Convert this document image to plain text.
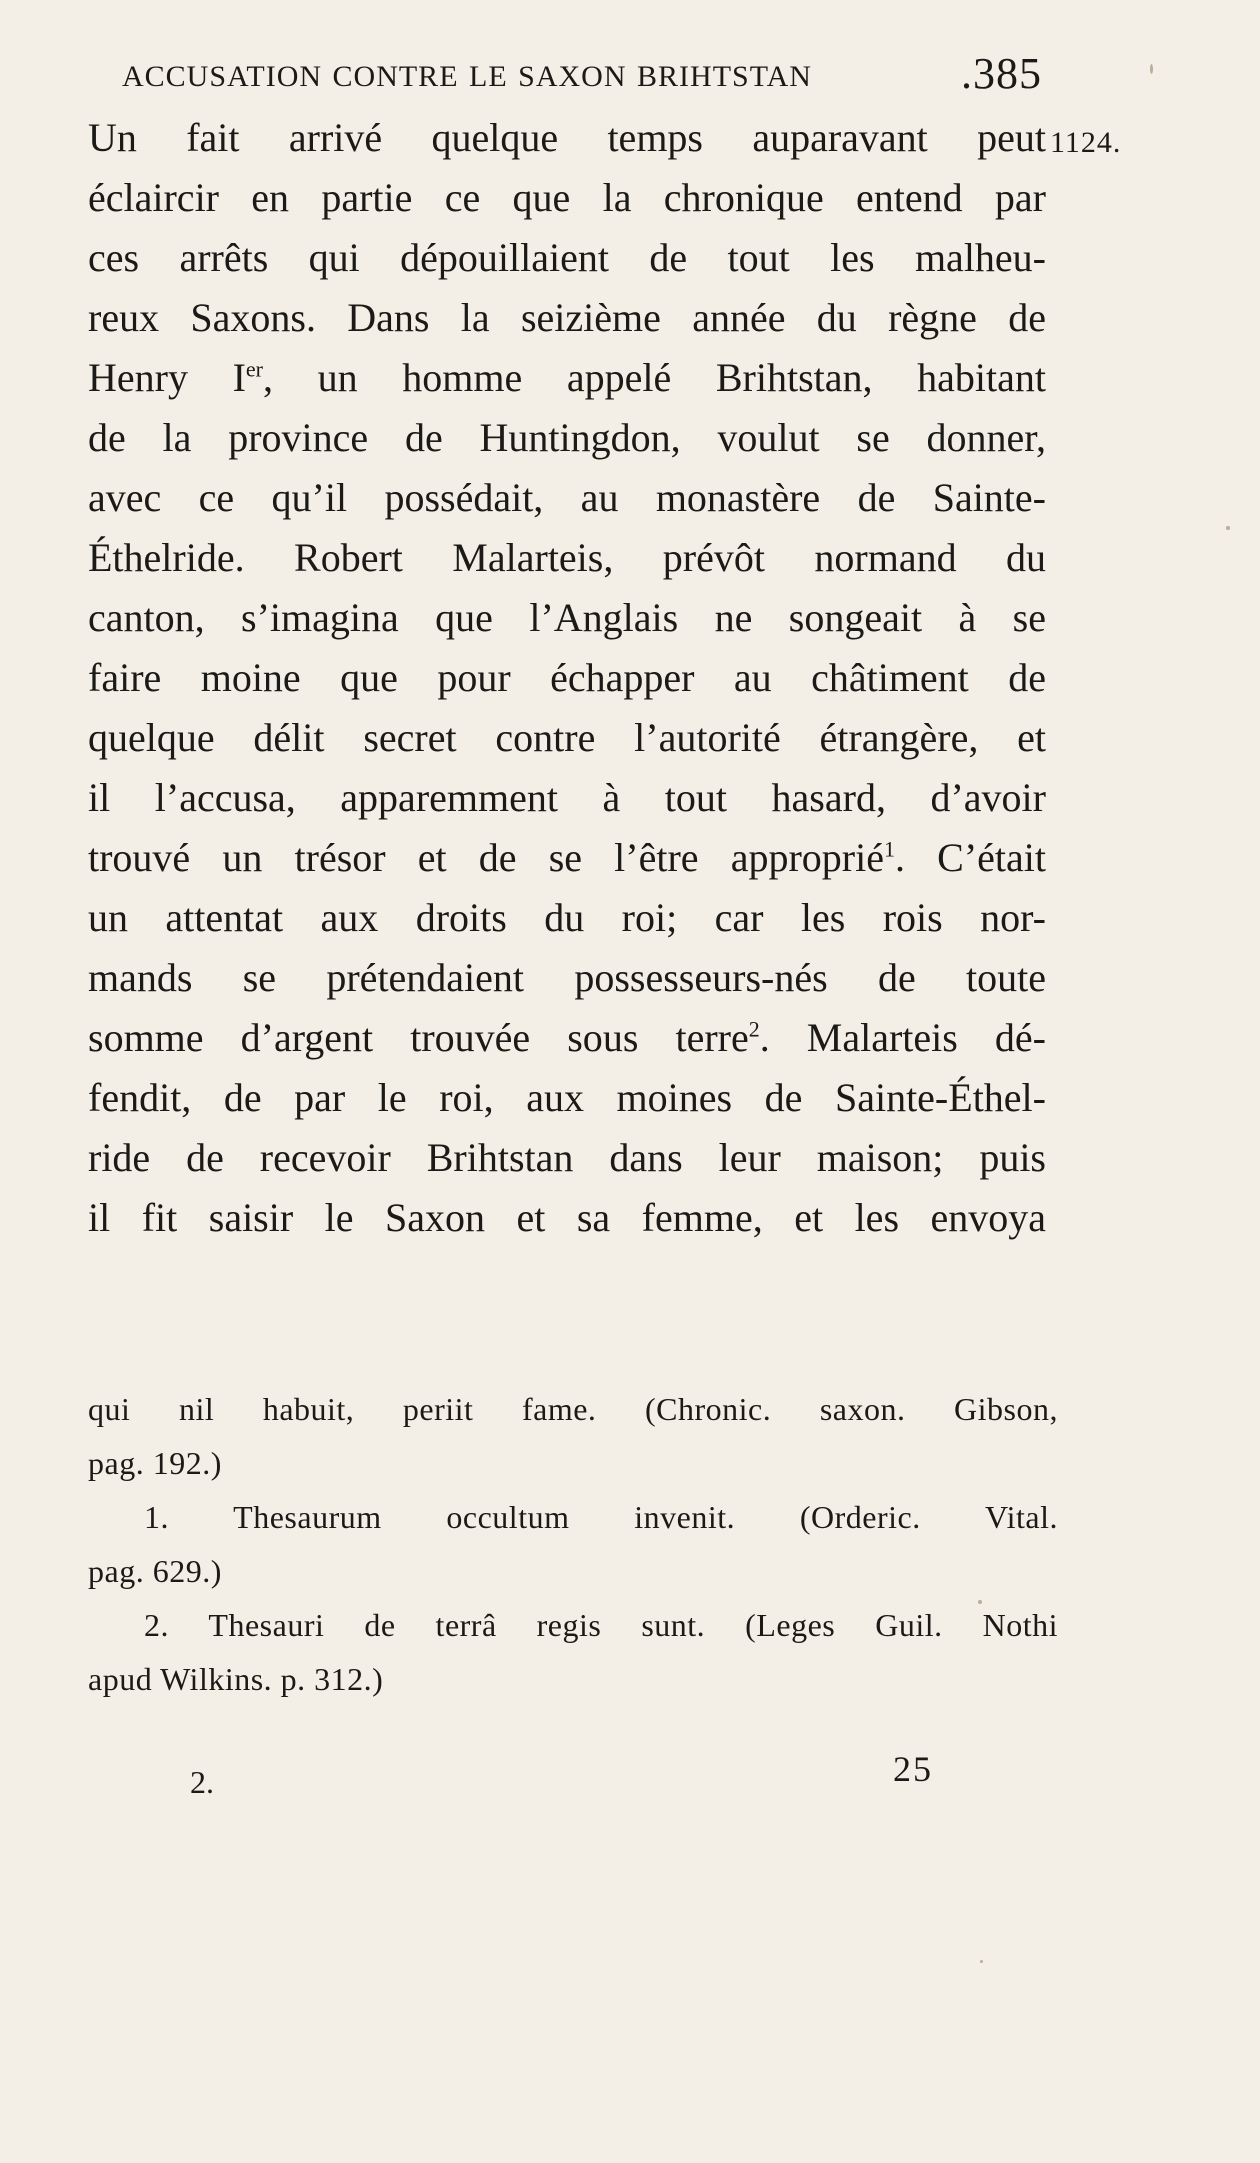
ACCUSATION CONTRE LE SAXON BRIHTSTAN	.385
1124.
Un fait arrivé quelque temps auparavant peut
éclaircir en partie ce que la chronique entend par
ces arrêts qui dépouillaient de tout les malheu-
reux Saxons. Dans la seizième année du règne de
Henry Ier, un homme appelé Brihtstan, habitant
de la province de Huntingdon, voulut se donner,
avec ce qu’il possédait, au monastère de Sainte-
Éthelride. Robert Malarteis, prévôt normand du
canton, s’imagina que l’Anglais ne songeait à se
faire moine que pour échapper au châtiment de
quelque délit secret contre l’autorité étrangère, et
il l’accusa, apparemment à tout hasard, d’avoir
trouvé un trésor et de se l’être approprié$^1$. C’était
un attentat aux droits du roi; car les rois nor-
mands se prétendaient possesseurs-nés de toute
somme d’argent trouvée sous terre$^2$. Malarteis dé-
fendit, de par le roi, aux moines de Sainte-Éthel-
ride de recevoir Brihtstan dans leur maison; puis
il fit saisir le Saxon et sa femme, et les envoya
qui nil habuit, periit fame. (Chronic. saxon. Gibson,
pag. 192.)
1. Thesaurum occultum invenit. (Orderic. Vital.
pag. 629.)
2. Thesauri de terrâ regis sunt. (Leges Guil. Nothi
apud Wilkins. p. 312.)
2.	25
